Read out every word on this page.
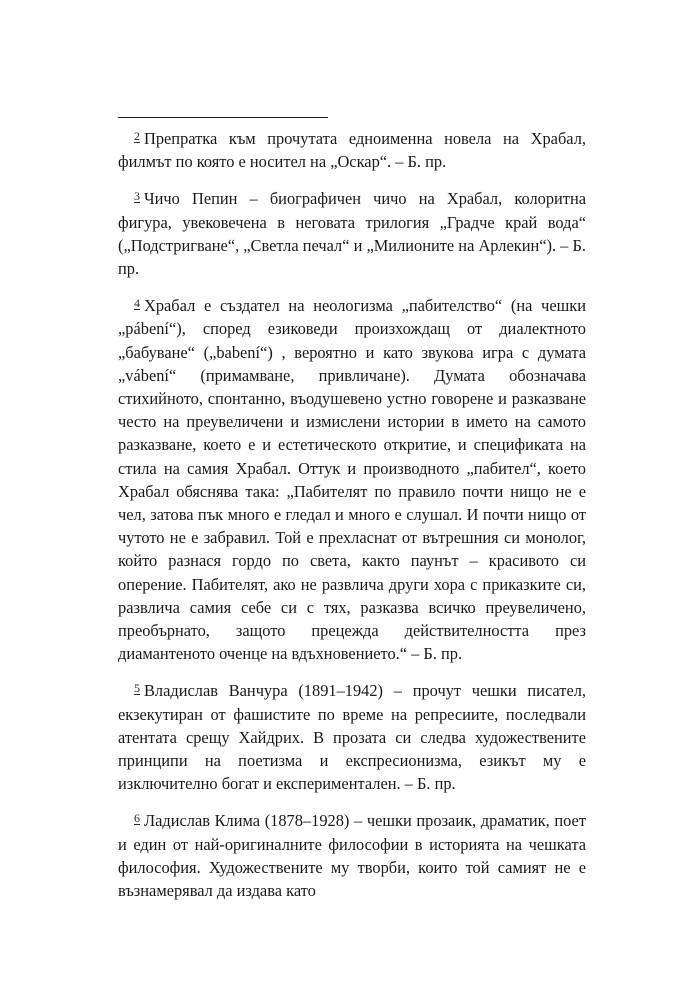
2 Препратка към прочутата едноименна новела на Храбал, филмът по която е носител на „Оскар“. – Б. пр.

3 Чичо Пепин – биографичен чичо на Храбал, колоритна фигура, увековечена в неговата трилогия „Градче край вода“ („Подстригване“, „Светла печал“ и „Милионите на Арлекин“). – Б. пр.

4 Храбал е създател на неологизма „пабителство“ (на чешки „pábení“), според езиковеди произхождащ от диалектното „бабуване“ („babení“) , вероятно и като звукова игра с думата „vábení“ (примамване, привличане). Думата обозначава стихийното, спонтанно, въодушевено устно говорене и разказване често на преувеличени и измислени истории в името на самото разказване, което е и естетическото откритие, и спецификата на стила на самия Храбал. Оттук и производното „пабител“, което Храбал обяснява така: „Пабителят по правило почти нищо не е чел, затова пък много е гледал и много е слушал. И почти нищо от чутото не е забравил. Той е прехласнат от вътрешния си монолог, който разнася гордо по света, както паунът – красивото си оперение. Пабителят, ако не развлича други хора с приказките си, развлича самия себе си с тях, разказва всичко преувеличено, преобърнато, защото прецежда действителността през диамантеното оченце на вдъхновението.“ – Б. пр.

5 Владислав Ванчура (1891–1942) – прочут чешки писател, екзекутиран от фашистите по време на репресиите, последвали атентата срещу Хайдрих. В прозата си следва художествените принципи на поетизма и експресионизма, езикът му е изключително богат и експериментален. – Б. пр.

6 Ладислав Клима (1878–1928) – чешки прозаик, драматик, поет и един от най-оригиналните философии в историята на чешката философия. Художествените му творби, които той самият не е възнамерявал да издава като
